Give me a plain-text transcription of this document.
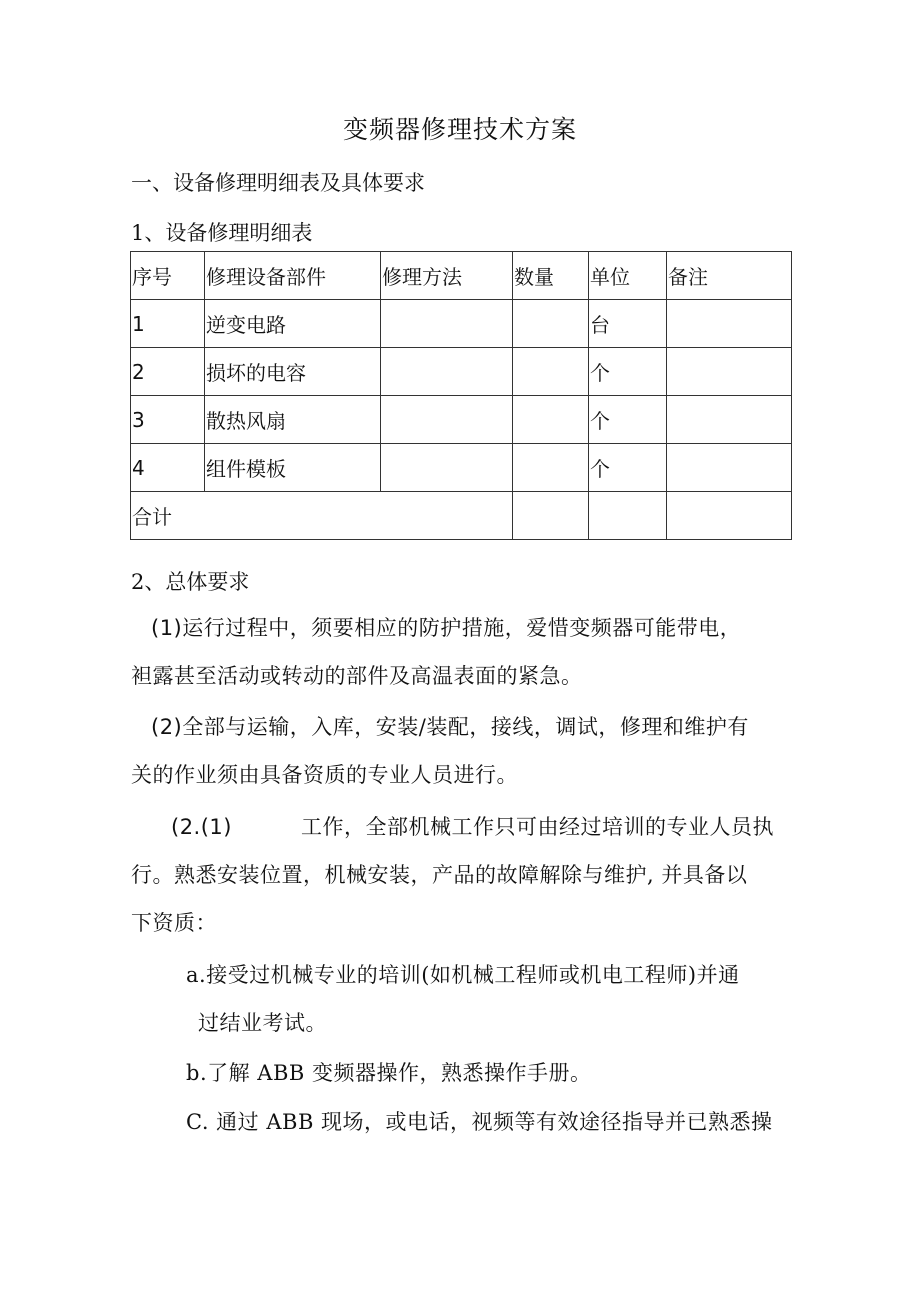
变频器修理技术方案
一、设备修理明细表及具体要求
1、设备修理明细表
序号	修理设备部件	修理方法	数量	单位	备注
1	逆变电路			台	
2	损坏的电容			个	
3	散热风扇			个	
4	组件模板			个	
合计					
2、总体要求
(1)运行过程中，须要相应的防护措施，爱惜变频器可能带电，
袒露甚至活动或转动的部件及高温表面的紧急。
(2)全部与运输，入库，安装/装配，接线，调试，修理和维护有
关的作业须由具备资质的专业人员进行。
(2.(1)	工作，全部机械工作只可由经过培训的专业人员执
行。熟悉安装位置，机械安装，产品的故障解除与维护, 并具备以
下资质：
a.接受过机械专业的培训(如机械工程师或机电工程师)并通
过结业考试。
b.了解 ABB 变频器操作，熟悉操作手册。
C. 通过 ABB 现场，或电话，视频等有效途径指导并已熟悉操
